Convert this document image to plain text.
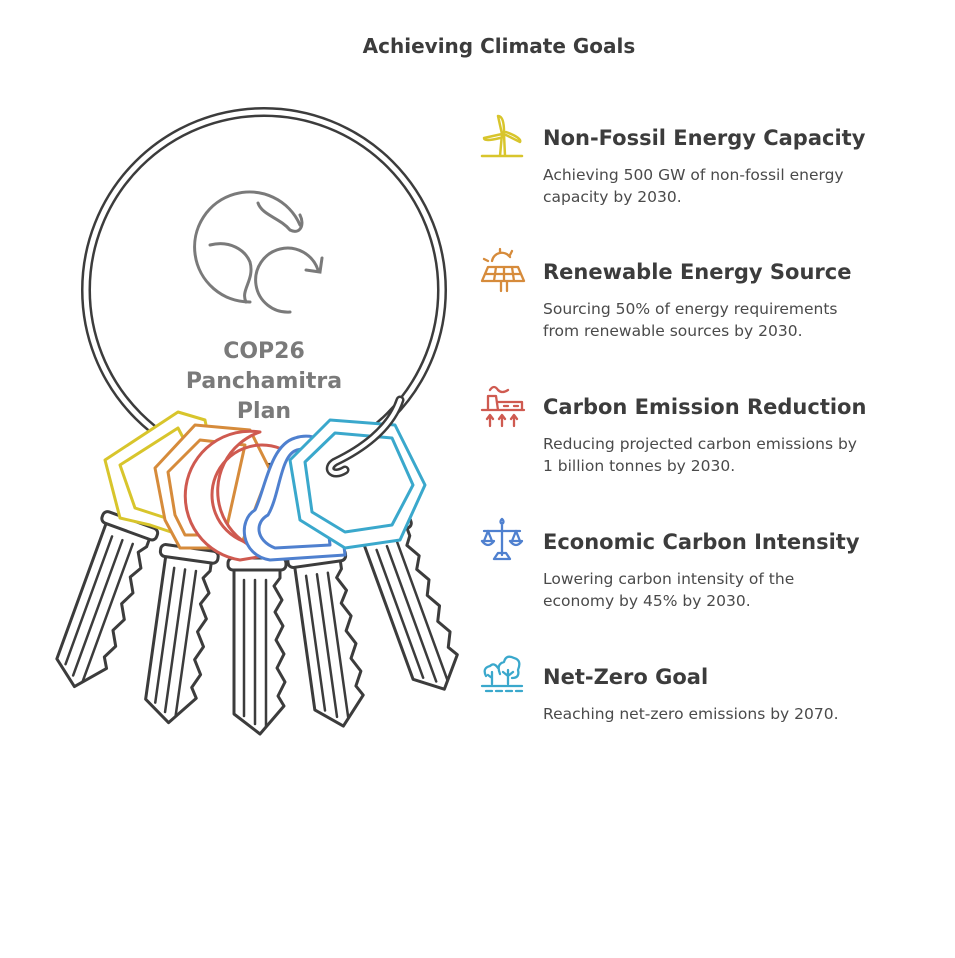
Achieving Climate Goals
COP26
Panchamitra
Plan
Non-Fossil Energy Capacity

Achieving 500 GW of non-fossil energy
capacity by 2030.

Renewable Energy Source

Sourcing 50% of energy requirements
from renewable sources by 2030.

Carbon Emission Reduction

Reducing projected carbon emissions by
1 billion tonnes by 2030.

Economic Carbon Intensity

Lowering carbon intensity of the
economy by 45% by 2030.

Net-Zero Goal

Reaching net-zero emissions by 2070.
